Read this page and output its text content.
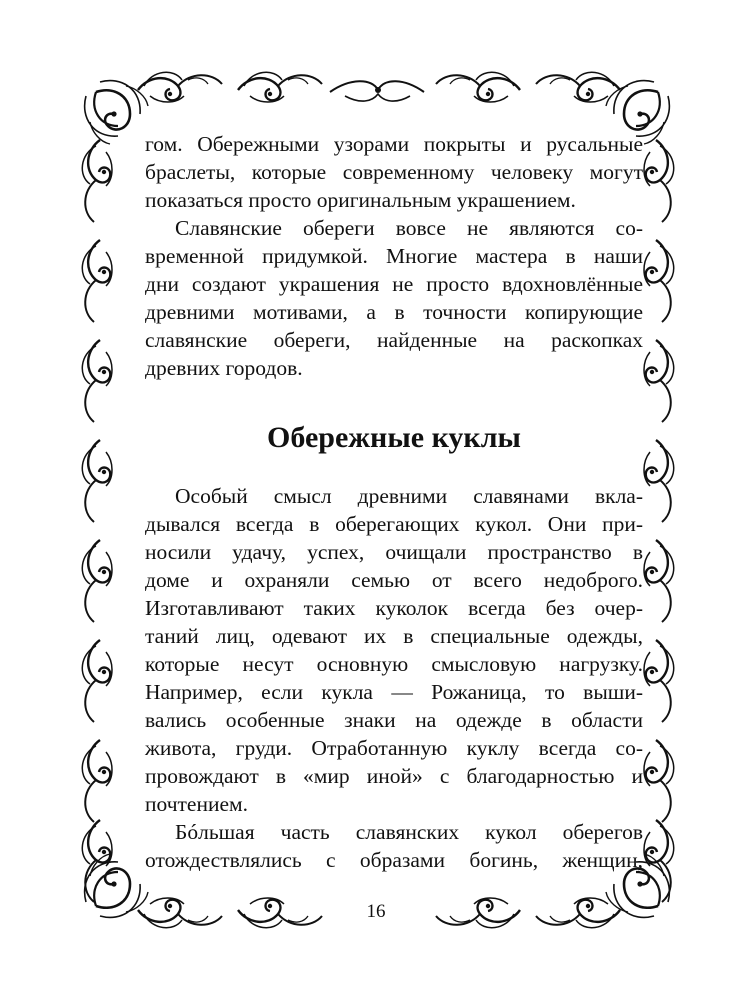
гом. Обережными узорами покрыты и русальные
браслеты, которые современному человеку могут
показаться просто оригинальным украшением.
Славянские обереги вовсе не являются со-
временной придумкой. Многие мастера в наши
дни создают украшения не просто вдохновлённые
древними мотивами, а в точности копирующие
славянские обереги, найденные на раскопках
древних городов.
Обережные куклы
Особый смысл древними славянами вкла-
дывался всегда в оберегающих кукол. Они при-
носили удачу, успех, очищали пространство в
доме и охраняли семью от всего недоброго.
Изготавливают таких куколок всегда без очер-
таний лиц, одевают их в специальные одежды,
которые несут основную смысловую нагрузку.
Например, если кукла — Рожаница, то выши-
вались особенные знаки на одежде в области
живота, груди. Отработанную куклу всегда со-
провождают в «мир иной» с благодарностью и
почтением.
Бóльшая часть славянских кукол оберегов
отождествлялись с образами богинь, женщин,
16
